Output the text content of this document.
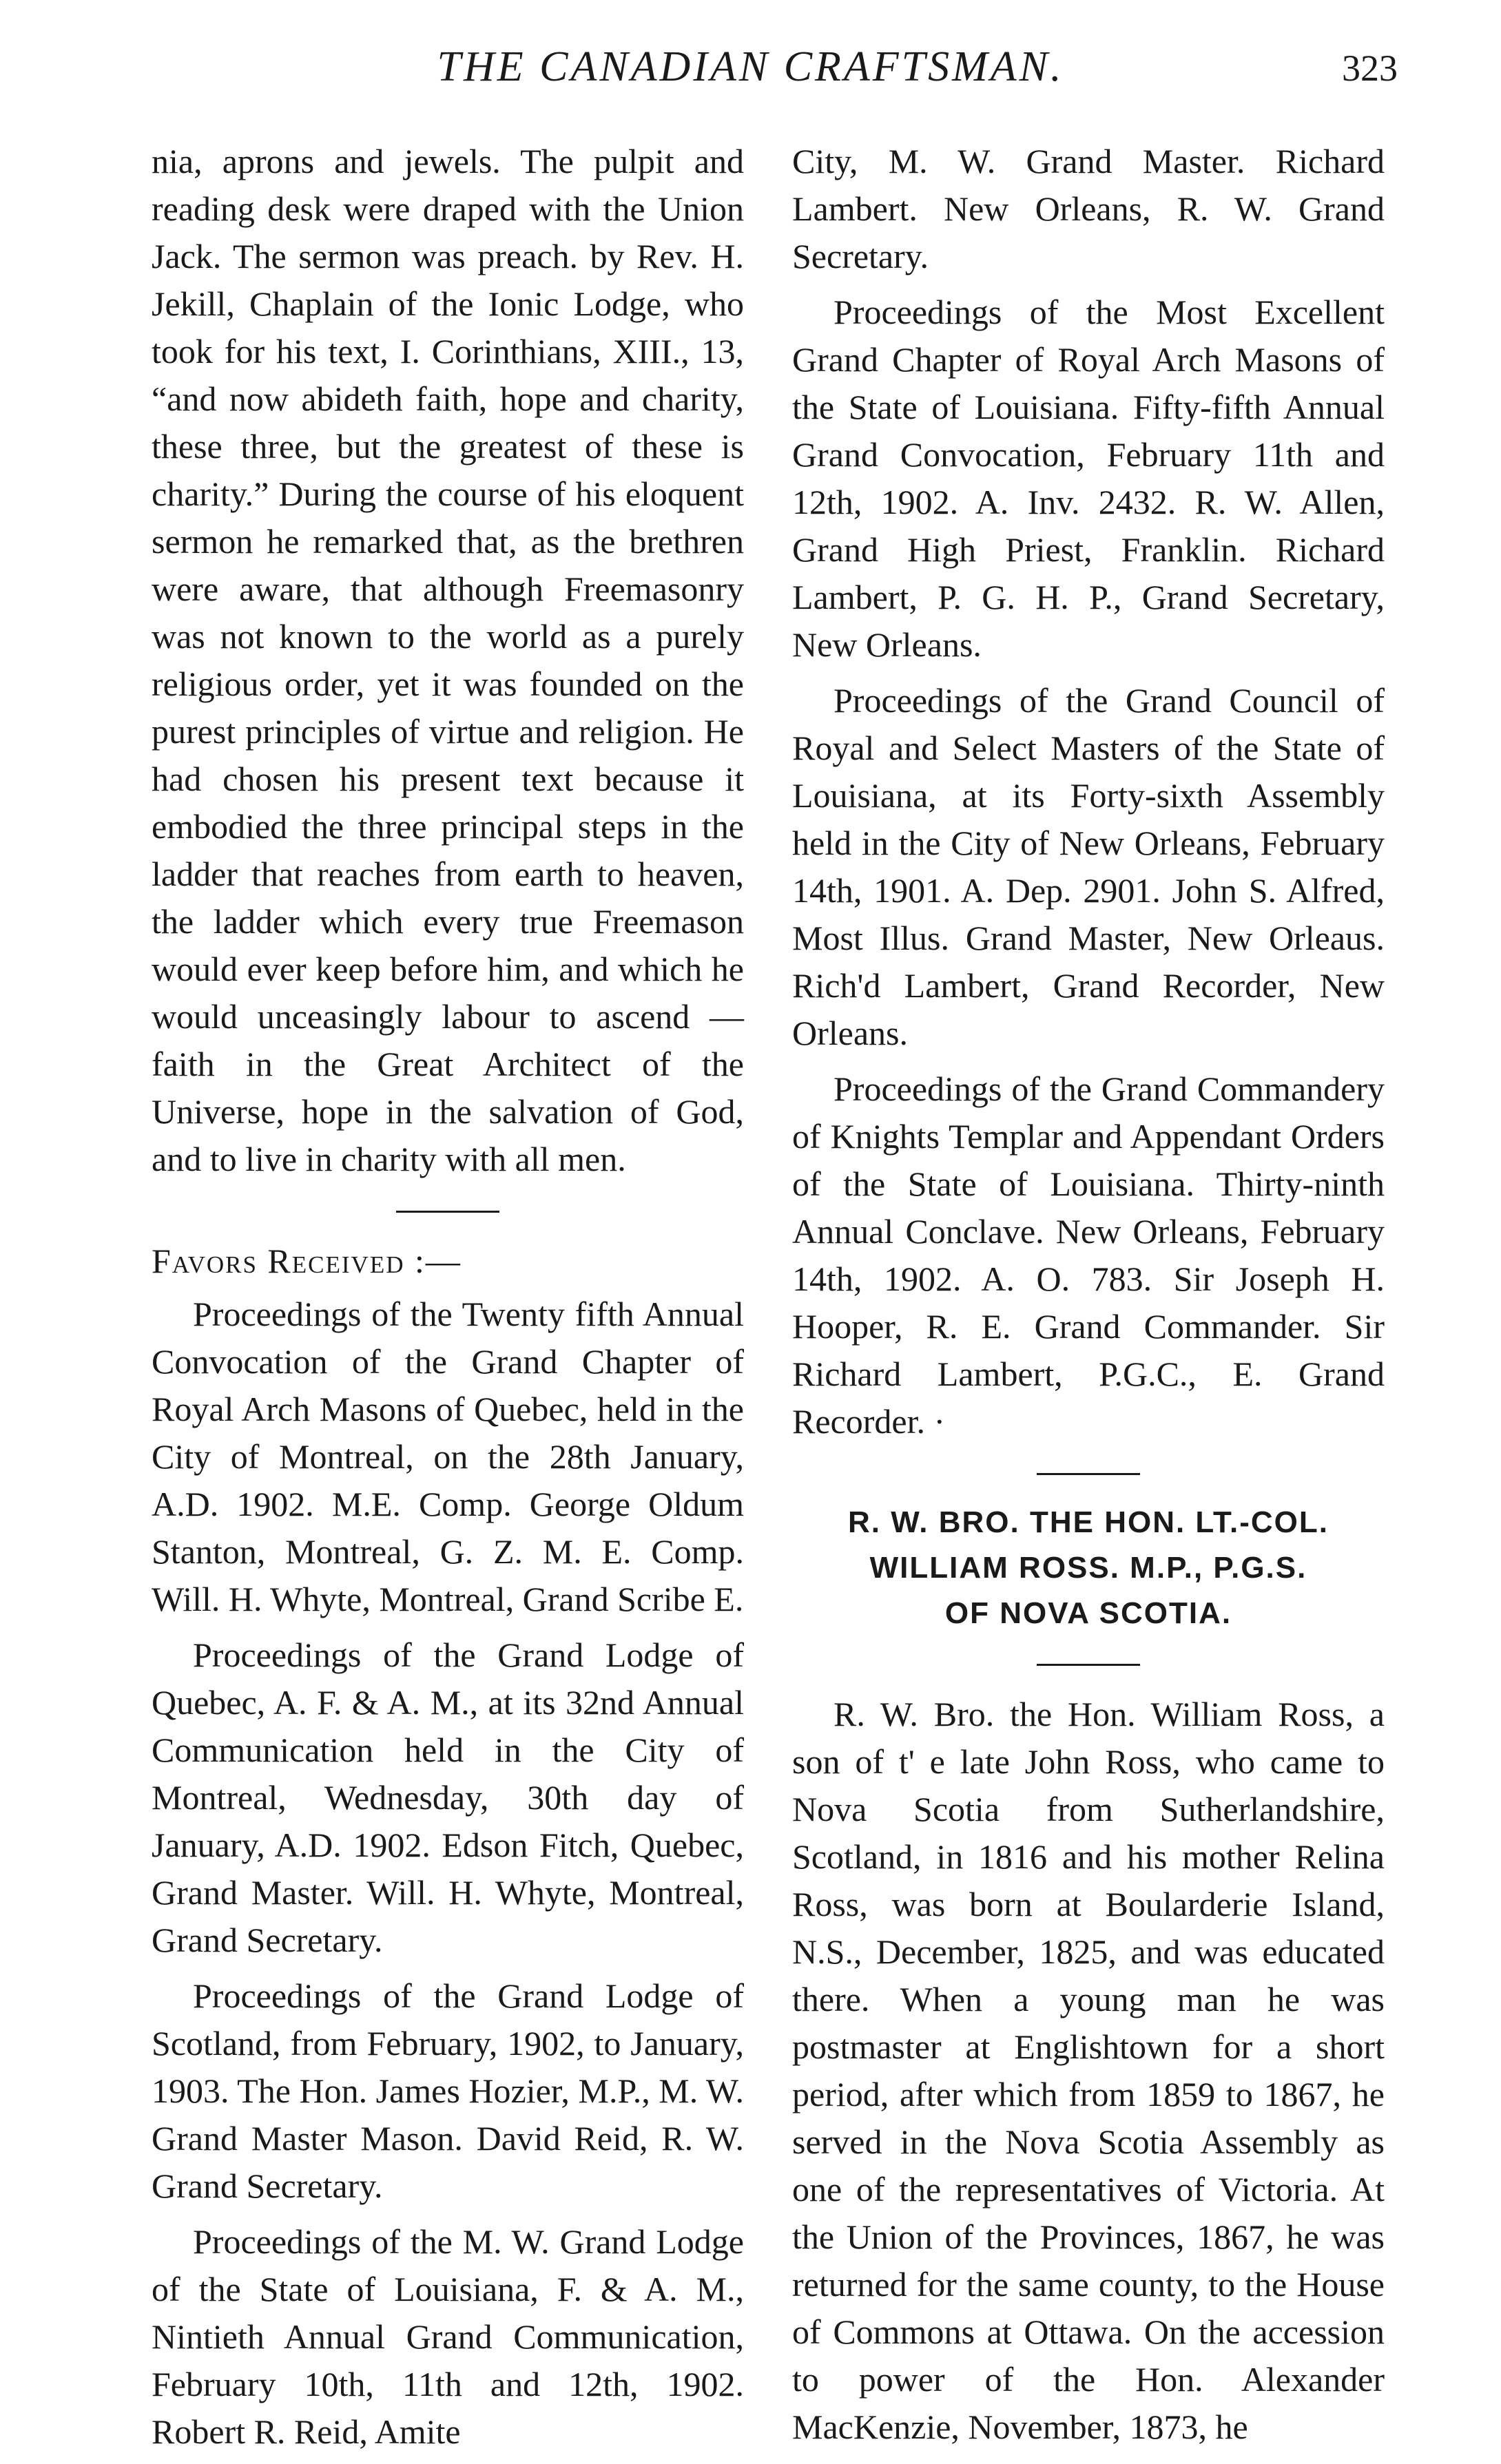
THE CANADIAN CRAFTSMAN.	323

nia, aprons and jewels. The pulpit and reading desk were draped with the Union Jack. The sermon was preach. by Rev. H. Jekill, Chaplain of the Ionic Lodge, who took for his text, I. Corinthians, XIII., 13, “and now abideth faith, hope and charity, these three, but the greatest of these is charity.” During the course of his eloquent sermon he remarked that, as the brethren were aware, that although Freemasonry was not known to the world as a purely religious order, yet it was founded on the purest principles of virtue and religion. He had chosen his present text because it embodied the three principal steps in the ladder that reaches from earth to heaven, the ladder which every true Freemason would ever keep before him, and which he would unceasingly labour to ascend —faith in the Great Architect of the Universe, hope in the salvation of God, and to live in charity with all men.

Favors Received :—

Proceedings of the Twenty fifth Annual Convocation of the Grand Chapter of Royal Arch Masons of Quebec, held in the City of Montreal, on the 28th January, A.D. 1902. M.E. Comp. George Oldum Stanton, Montreal, G. Z. M. E. Comp. Will. H. Whyte, Montreal, Grand Scribe E.

Proceedings of the Grand Lodge of Quebec, A. F. & A. M., at its 32nd Annual Communication held in the City of Montreal, Wednesday, 30th day of January, A.D. 1902. Edson Fitch, Quebec, Grand Master. Will. H. Whyte, Montreal, Grand Secretary.

Proceedings of the Grand Lodge of Scotland, from February, 1902, to January, 1903. The Hon. James Hozier, M.P., M. W. Grand Master Mason. David Reid, R. W. Grand Secretary.

Proceedings of the M. W. Grand Lodge of the State of Louisiana, F. & A. M., Nintieth Annual Grand Communication, February 10th, 11th and 12th, 1902. Robert R. Reid, Amite

City, M. W. Grand Master. Richard Lambert. New Orleans, R. W. Grand Secretary.

Proceedings of the Most Excellent Grand Chapter of Royal Arch Masons of the State of Louisiana. Fifty-fifth Annual Grand Convocation, February 11th and 12th, 1902. A. Inv. 2432. R. W. Allen, Grand High Priest, Franklin. Richard Lambert, P. G. H. P., Grand Secretary, New Orleans.

Proceedings of the Grand Council of Royal and Select Masters of the State of Louisiana, at its Forty-sixth Assembly held in the City of New Orleans, February 14th, 1901. A. Dep. 2901. John S. Alfred, Most Illus. Grand Master, New Orleaus. Rich'd Lambert, Grand Recorder, New Orleans.

Proceedings of the Grand Commandery of Knights Templar and Appendant Orders of the State of Louisiana. Thirty-ninth Annual Conclave. New Orleans, February 14th, 1902. A. O. 783. Sir Joseph H. Hooper, R. E. Grand Commander. Sir Richard Lambert, P.G.C., E. Grand Recorder. ·

R. W. BRO. THE HON. LT.-COL.

WILLIAM ROSS. M.P., P.G.S.

OF NOVA SCOTIA.

R. W. Bro. the Hon. William Ross, a son of t' e late John Ross, who came to Nova Scotia from Sutherlandshire, Scotland, in 1816 and his mother Relina Ross, was born at Boularderie Island, N.S., December, 1825, and was educated there. When a young man he was postmaster at Englishtown for a short period, after which from 1859 to 1867, he served in the Nova Scotia Assembly as one of the representatives of Victoria. At the Union of the Provinces, 1867, he was returned for the same county, to the House of Commons at Ottawa. On the accession to power of the Hon. Alexander MacKenzie, November, 1873, he
